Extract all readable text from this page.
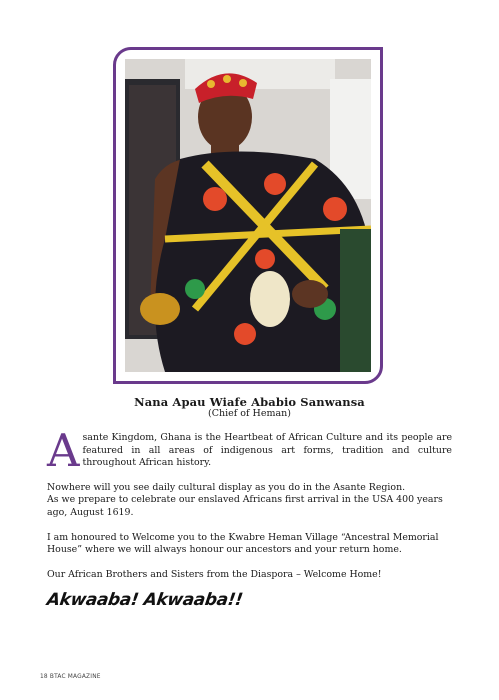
Nana Apau Wiafe Ababio Sanwansa
(Chief of Heman)

Asante Kingdom, Ghana is the Heartbeat of African Culture and its people are featured in all areas of indigenous art forms, tradition and culture throughout African history.

Nowhere will you see daily cultural display as you do in the Asante Region.
As we prepare to celebrate our enslaved Africans first arrival in the USA 400 years ago, August 1619.

I am honoured to Welcome you to the Kwabre Heman Village “Ancestral Memorial House” where we will always honour our ancestors and your return home.

Our African Brothers and Sisters from the Diaspora – Welcome Home!

Akwaaba! Akwaaba!!
18 BTAC MAGAZINE
